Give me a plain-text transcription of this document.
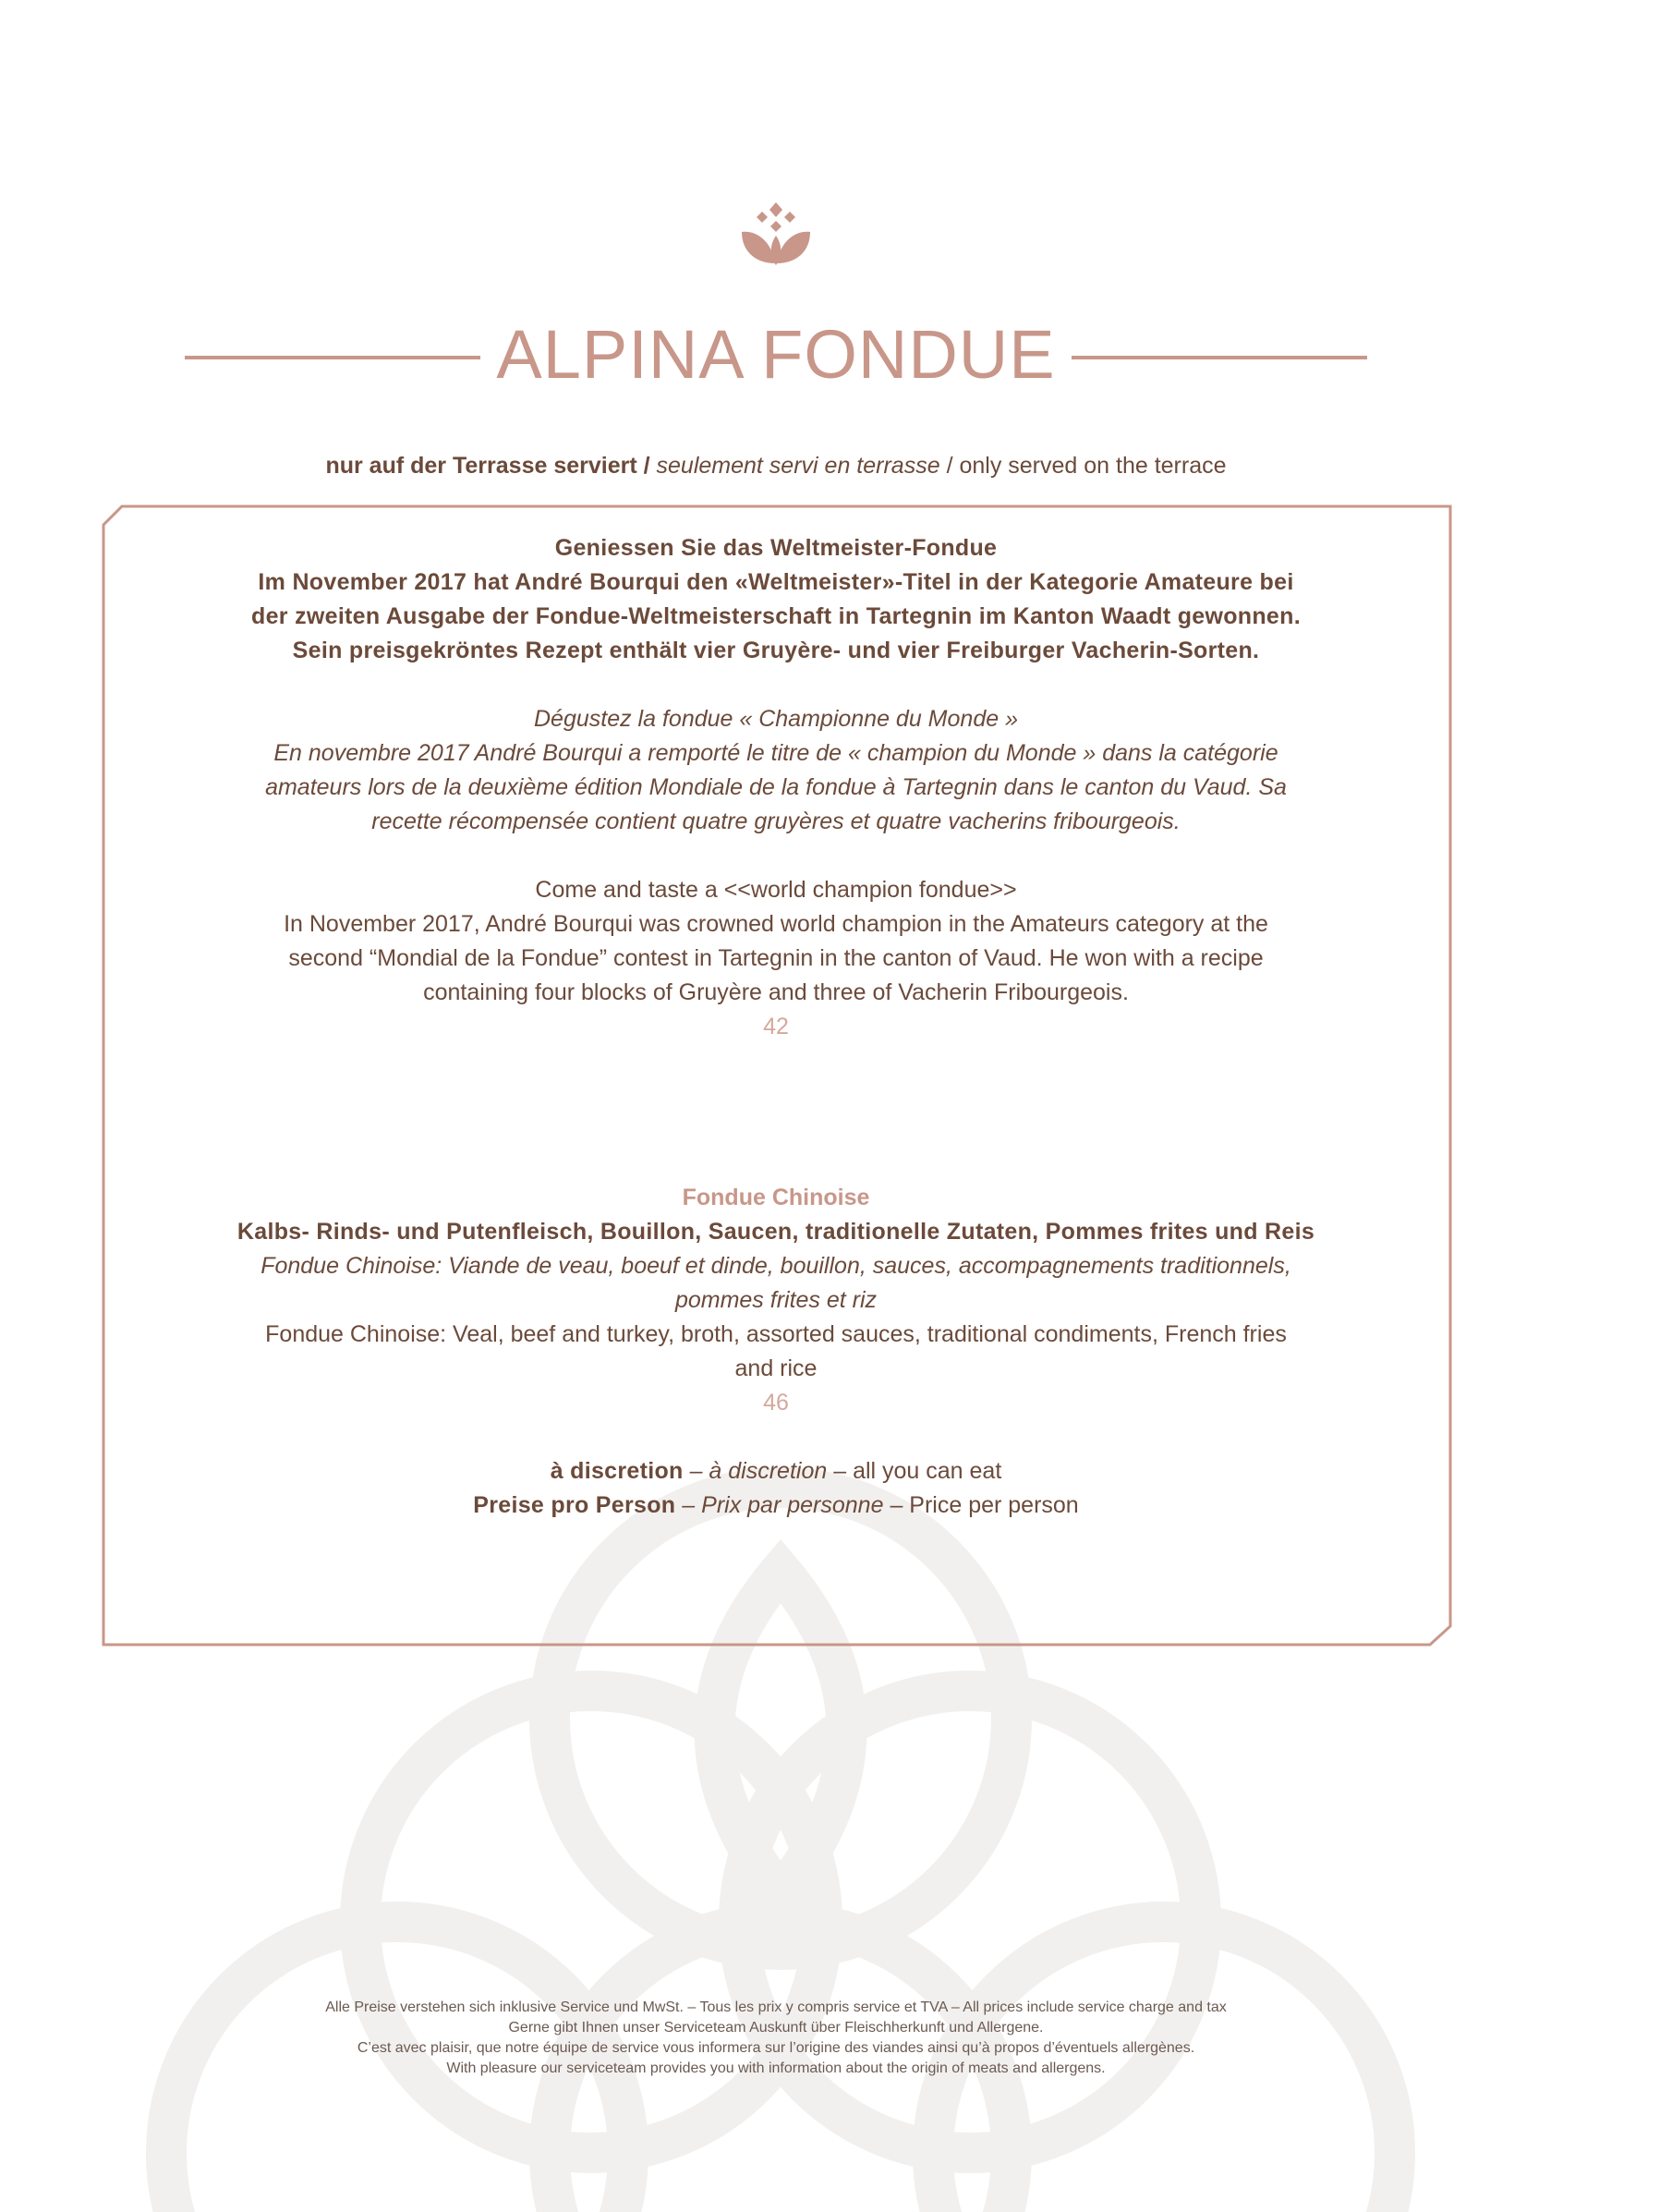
ALPINA FONDUE
nur auf der Terrasse serviert / seulement servi en terrasse / only served on the terrace
Geniessen Sie das Weltmeister-Fondue
Im November 2017 hat André Bourqui den «Weltmeister»-Titel in der Kategorie Amateure bei
der zweiten Ausgabe der Fondue-Weltmeisterschaft in Tartegnin im Kanton Waadt gewonnen.
Sein preisgekröntes Rezept enthält vier Gruyère- und vier Freiburger Vacherin-Sorten.
Dégustez la fondue « Championne du Monde »
En novembre 2017 André Bourqui a remporté le titre de « champion du Monde » dans la catégorie
amateurs lors de la deuxième édition Mondiale de la fondue à Tartegnin dans le canton du Vaud. Sa
recette récompensée contient quatre gruyères et quatre vacherins fribourgeois.
Come and taste a <<world champion fondue>>
In November 2017, André Bourqui was crowned world champion in the Amateurs category at the
second “Mondial de la Fondue” contest in Tartegnin in the canton of Vaud. He won with a recipe
containing four blocks of Gruyère and three of Vacherin Fribourgeois.
42
Fondue Chinoise
Kalbs- Rinds- und Putenfleisch, Bouillon, Saucen, traditionelle Zutaten, Pommes frites und Reis
Fondue Chinoise: Viande de veau, boeuf et dinde, bouillon, sauces, accompagnements traditionnels,
pommes frites et riz
Fondue Chinoise: Veal, beef and turkey, broth, assorted sauces, traditional condiments, French fries
and rice
46
à discretion – à discretion – all you can eat
Preise pro Person – Prix par personne – Price per person
Alle Preise verstehen sich inklusive Service und MwSt. – Tous les prix y compris service et TVA – All prices include service charge and tax
Gerne gibt Ihnen unser Serviceteam Auskunft über Fleischherkunft und Allergene.
C’est avec plaisir, que notre équipe de service vous informera sur l’origine des viandes ainsi qu’à propos d’éventuels allergènes.
With pleasure our serviceteam provides you with information about the origin of meats and allergens.
